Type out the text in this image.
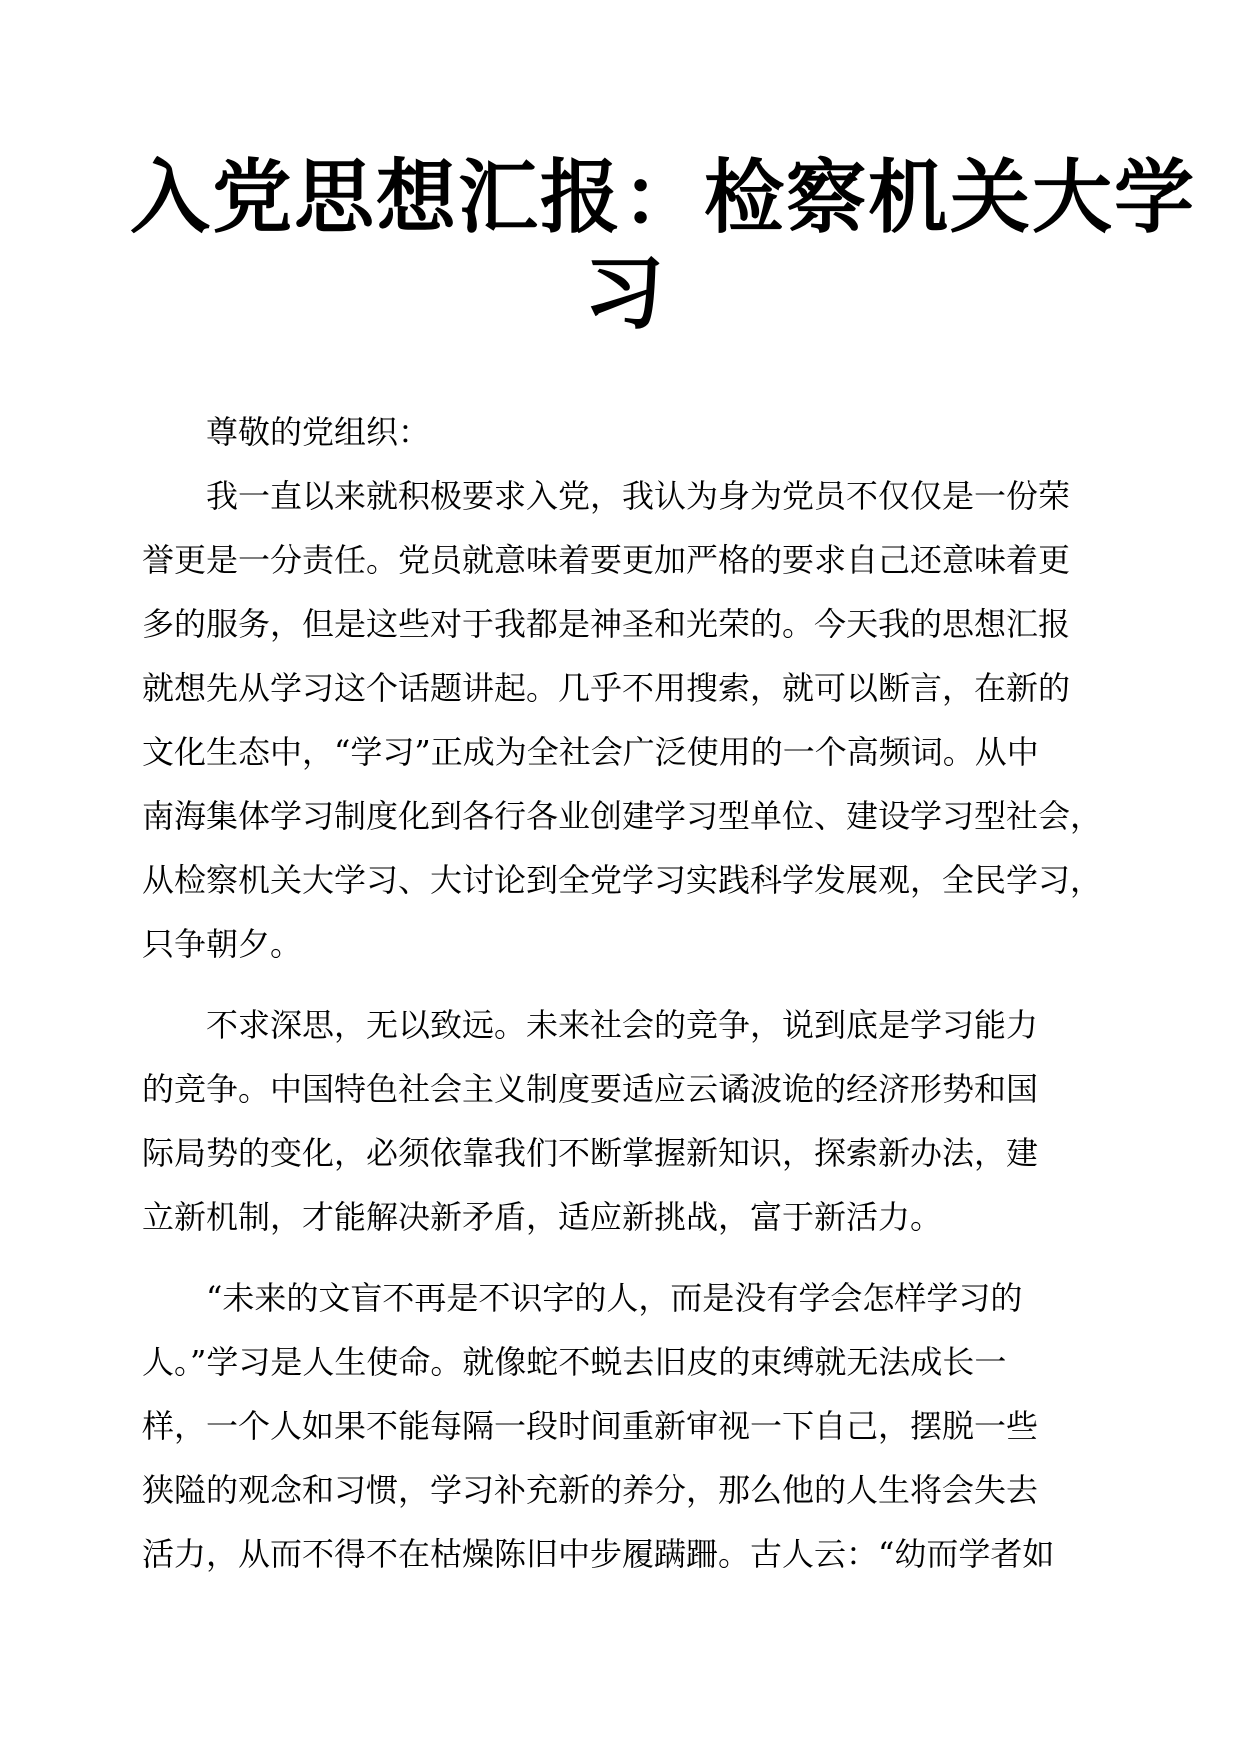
入党思想汇报：检察机关大学
习
尊敬的党组织：
我一直以来就积极要求入党，我认为身为党员不仅仅是一份荣
誉更是一分责任。党员就意味着要更加严格的要求自己还意味着更
多的服务，但是这些对于我都是神圣和光荣的。今天我的思想汇报
就想先从学习这个话题讲起。几乎不用搜索，就可以断言，在新的
文化生态中，“学习”正成为全社会广泛使用的一个高频词。从中
南海集体学习制度化到各行各业创建学习型单位、建设学习型社会，
从检察机关大学习、大讨论到全党学习实践科学发展观，全民学习，
只争朝夕。
不求深思，无以致远。未来社会的竞争，说到底是学习能力
的竞争。中国特色社会主义制度要适应云谲波诡的经济形势和国
际局势的变化，必须依靠我们不断掌握新知识，探索新办法，建
立新机制，才能解决新矛盾，适应新挑战，富于新活力。
“未来的文盲不再是不识字的人，而是没有学会怎样学习的
人。”学习是人生使命。就像蛇不蜕去旧皮的束缚就无法成长一
样，一个人如果不能每隔一段时间重新审视一下自己，摆脱一些
狭隘的观念和习惯，学习补充新的养分，那么他的人生将会失去
活力，从而不得不在枯燥陈旧中步履蹒跚。古人云：“幼而学者如
